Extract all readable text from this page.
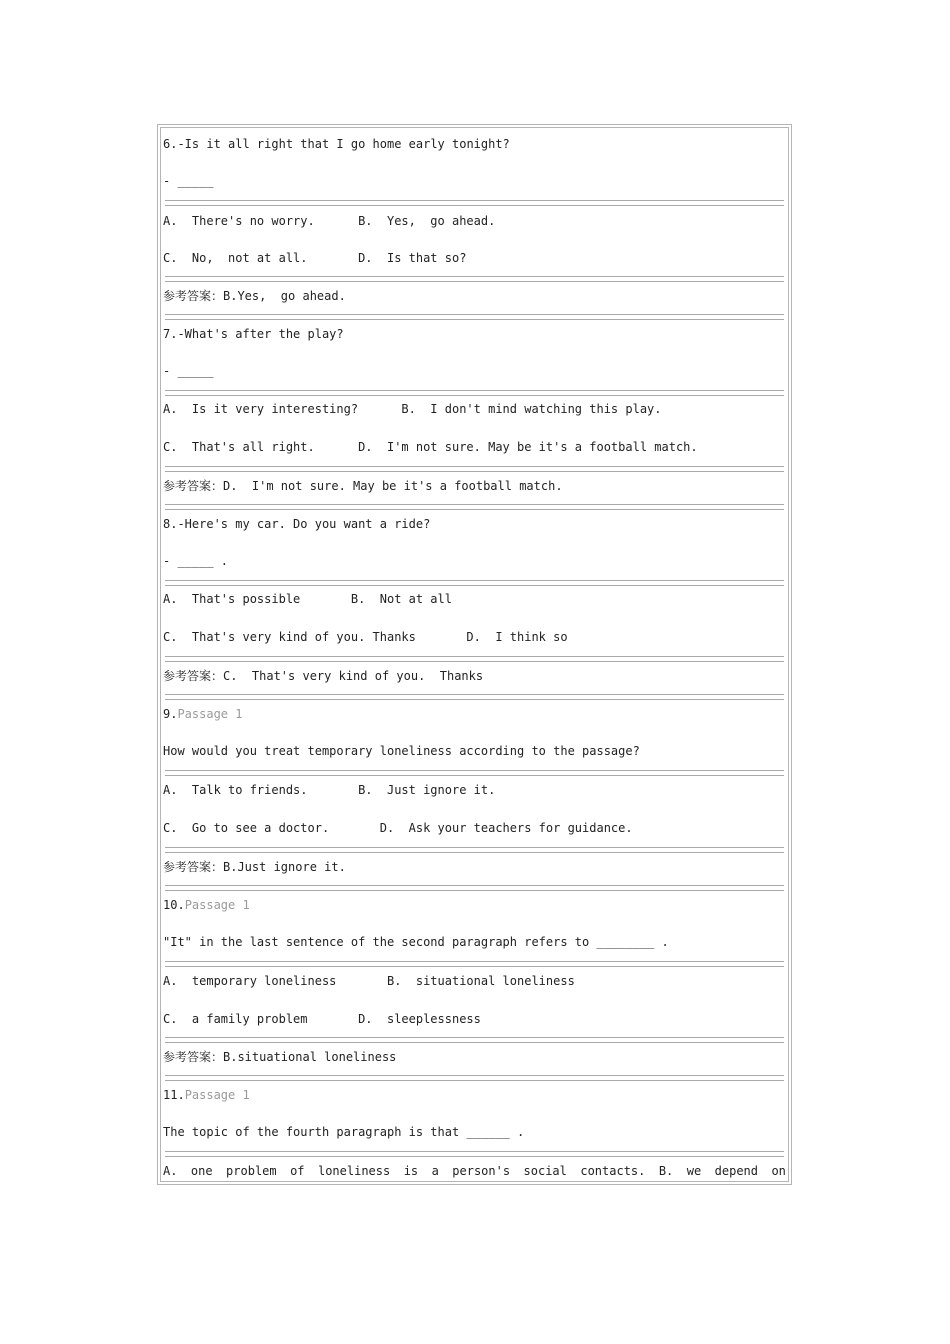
6.-Is it all right that I go home early tonight?
- _____
A.  There's no worry.      B.  Yes,  go ahead.
C.  No,  not at all.       D.  Is that so?
参考答案：B.Yes,  go ahead.
7.-What's after the play?
- _____
A.  Is it very interesting?      B.  I don't mind watching this play.
C.  That's all right.      D.  I'm not sure. May be it's a football match.
参考答案：D.  I'm not sure. May be it's a football match.
8.-Here's my car. Do you want a ride?
- _____ .
A.  That's possible       B.  Not at all
C.  That's very kind of you. Thanks       D.  I think so
参考答案：C.  That's very kind of you.  Thanks
9.Passage 1
How would you treat temporary loneliness according to the passage?
A.  Talk to friends.       B.  Just ignore it.
C.  Go to see a doctor.       D.  Ask your teachers for guidance.
参考答案：B.Just ignore it.
10.Passage 1
"It" in the last sentence of the second paragraph refers to ________ .
A.  temporary loneliness       B.  situational loneliness
C.  a family problem       D.  sleeplessness
参考答案：B.situational loneliness
11.Passage 1
The topic of the fourth paragraph is that ______ .
A. one problem of loneliness is a person's social contacts. B. we depend on
